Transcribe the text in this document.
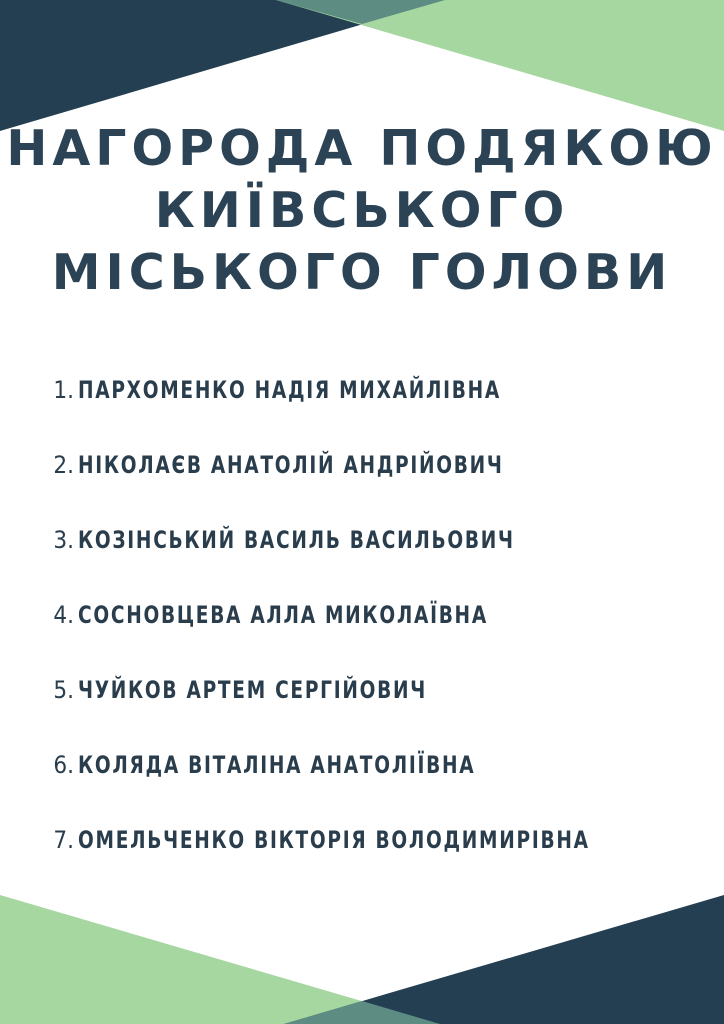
НАГОРОДА ПОДЯКОЮ
КИЇВСЬКОГО
МІСЬКОГО ГОЛОВИ
1. ПАРХОМЕНКО НАДІЯ МИХАЙЛІВНА
2. НІКОЛАЄВ АНАТОЛІЙ АНДРІЙОВИЧ
3. КОЗІНСЬКИЙ ВАСИЛЬ ВАСИЛЬОВИЧ
4. СОСНОВЦЕВА АЛЛА МИКОЛАЇВНА
5. ЧУЙКОВ АРТЕМ СЕРГІЙОВИЧ
6. КОЛЯДА ВІТАЛІНА АНАТОЛІЇВНА
7. ОМЕЛЬЧЕНКО ВІКТОРІЯ ВОЛОДИМИРІВНА
